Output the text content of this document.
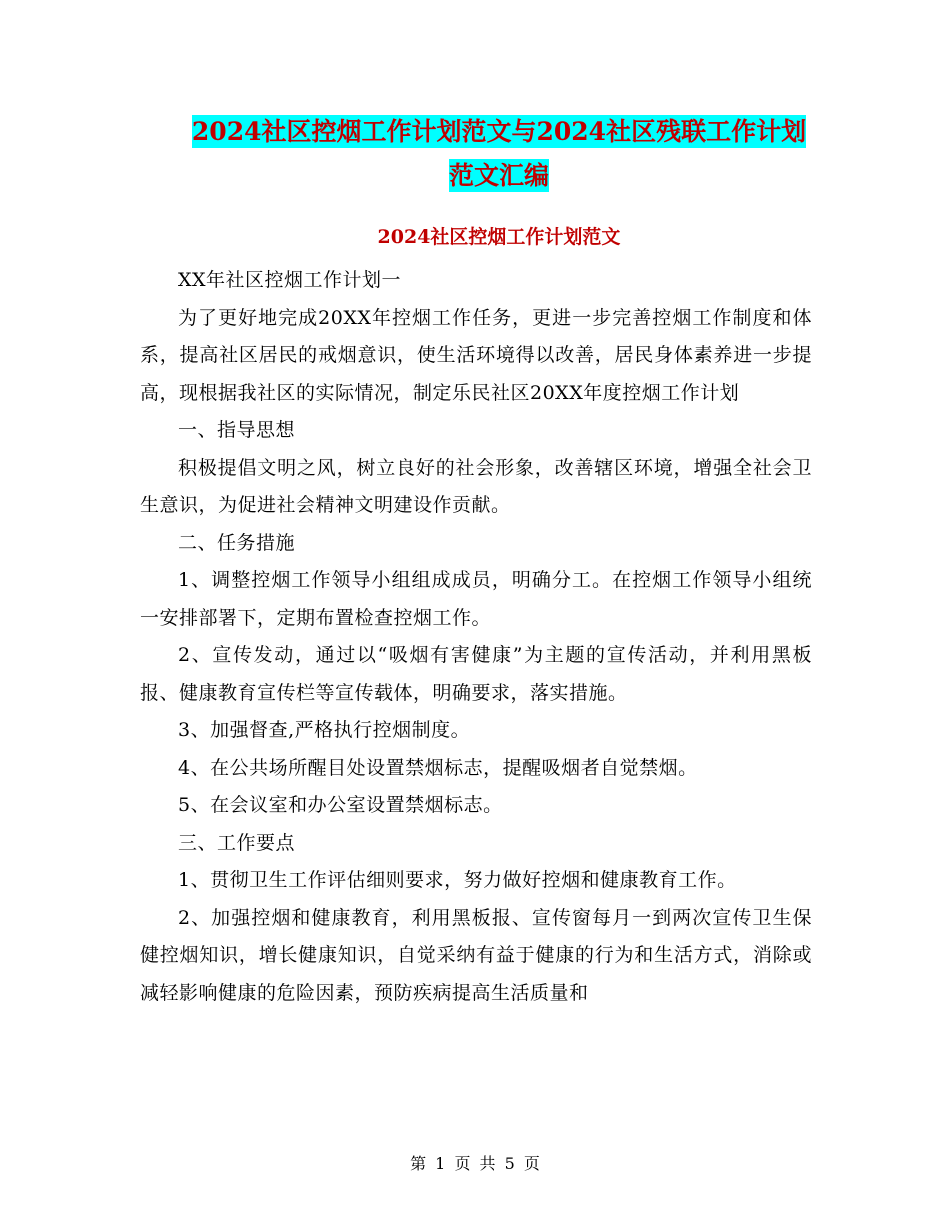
2024社区控烟工作计划范文与2024社区残联工作计划
范文汇编
2024社区控烟工作计划范文

XX年社区控烟工作计划一

为了更好地完成20XX年控烟工作任务，更进一步完善控烟工作制度和体系，提高社区居民的戒烟意识，使生活环境得以改善，居民身体素养进一步提高，现根据我社区的实际情况，制定乐民社区20XX年度控烟工作计划

一、指导思想

积极提倡文明之风，树立良好的社会形象，改善辖区环境，增强全社会卫生意识，为促进社会精神文明建设作贡献。

二、任务措施

1、调整控烟工作领导小组组成成员，明确分工。在控烟工作领导小组统一安排部署下，定期布置检查控烟工作。

2、宣传发动，通过以“吸烟有害健康”为主题的宣传活动，并利用黑板报、健康教育宣传栏等宣传载体，明确要求，落实措施。

3、加强督查,严格执行控烟制度。

4、在公共场所醒目处设置禁烟标志，提醒吸烟者自觉禁烟。

5、在会议室和办公室设置禁烟标志。

三、工作要点

1、贯彻卫生工作评估细则要求，努力做好控烟和健康教育工作。

2、加强控烟和健康教育，利用黑板报、宣传窗每月一到两次宣传卫生保健控烟知识，增长健康知识，自觉采纳有益于健康的行为和生活方式，消除或减轻影响健康的危险因素，预防疾病提高生活质量和

第 1 页 共 5 页
